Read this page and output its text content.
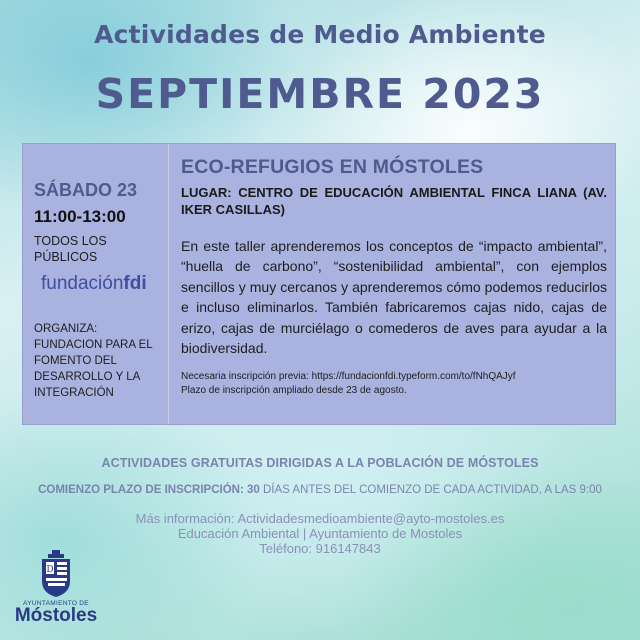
Actividades de Medio Ambiente
SEPTIEMBRE 2023
SÁBADO 23
11:00-13:00
TODOS LOS PÚBLICOS
fundaciónfdi
ORGANIZA: FUNDACION PARA EL FOMENTO DEL DESARROLLO Y LA INTEGRACIÓN
ECO-REFUGIOS EN MÓSTOLES
LUGAR: CENTRO DE EDUCACIÓN AMBIENTAL FINCA LIANA (AV. IKER CASILLAS)
En este taller aprenderemos los conceptos de “impacto ambiental”, “huella de carbono”, “sostenibilidad ambiental”, con ejemplos sencillos y muy cercanos y aprenderemos cómo podemos reducirlos e incluso eliminarlos. También fabricaremos cajas nido, cajas de erizo, cajas de murciélago o comederos de aves para ayudar a la biodiversidad.
Necesaria inscripción previa: https://fundacionfdi.typeform.com/to/fNhQAJyf
Plazo de inscripción ampliado desde 23 de agosto.
ACTIVIDADES GRATUITAS DIRIGIDAS A LA POBLACIÓN DE MÓSTOLES
COMIENZO PLAZO DE INSCRIPCIÓN: 30 DÍAS ANTES DEL COMIENZO DE CADA ACTIVIDAD, A LAS 9:00
Más información: Actividadesmedioambiente@ayto-mostoles.es
Educación Ambiental | Ayuntamiento de Mostoles
Teléfono: 916147843
D
AYUNTAMIENTO DE
Móstoles
